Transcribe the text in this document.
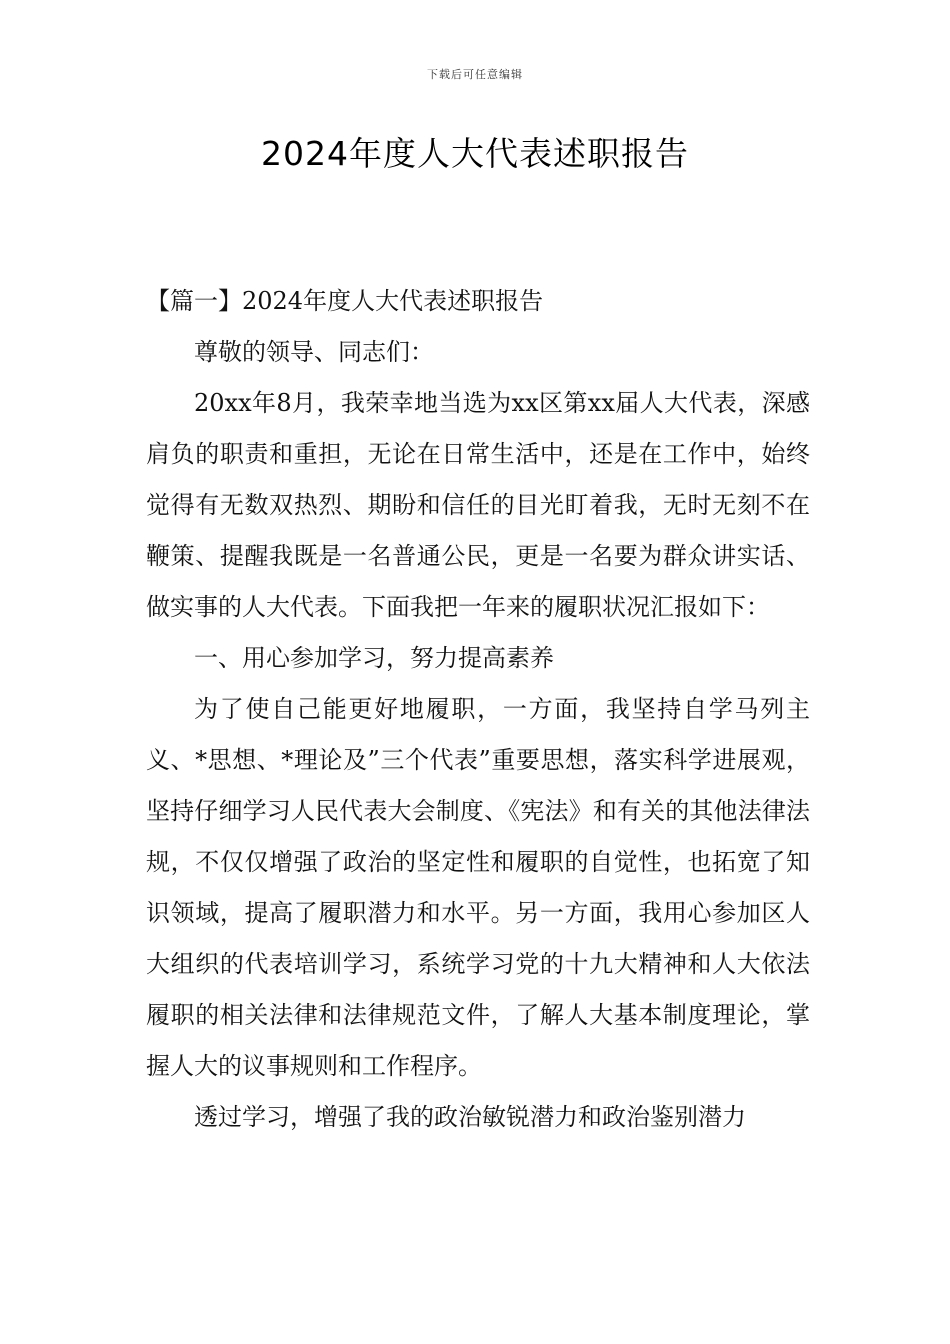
下载后可任意编辑
2024年度人大代表述职报告

【篇一】2024年度人大代表述职报告

尊敬的领导、同志们：

20xx年8月，我荣幸地当选为xx区第xx届人大代表，深感肩负的职责和重担，无论在日常生活中，还是在工作中，始终觉得有无数双热烈、期盼和信任的目光盯着我，无时无刻不在鞭策、提醒我既是一名普通公民，更是一名要为群众讲实话、做实事的人大代表。下面我把一年来的履职状况汇报如下：

一、用心参加学习，努力提高素养

为了使自己能更好地履职，一方面，我坚持自学马列主义、*思想、*理论及”三个代表”重要思想，落实科学进展观，坚持仔细学习人民代表大会制度、《宪法》和有关的其他法律法规，不仅仅增强了政治的坚定性和履职的自觉性，也拓宽了知识领域，提高了履职潜力和水平。另一方面，我用心参加区人大组织的代表培训学习，系统学习党的十九大精神和人大依法履职的相关法律和法律规范文件，了解人大基本制度理论，掌握人大的议事规则和工作程序。

透过学习，增强了我的政治敏锐潜力和政治鉴别潜力
